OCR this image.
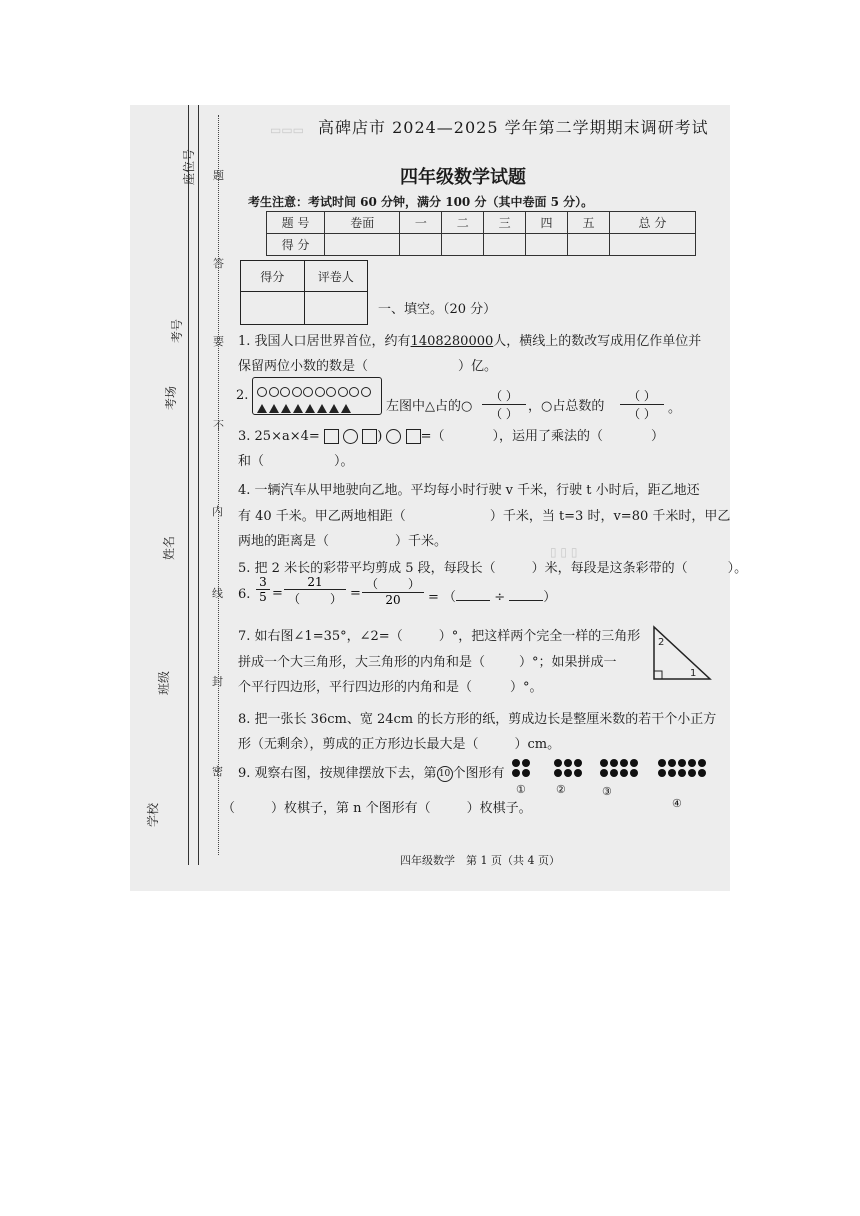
座位号
考号
考场
姓名
班级
学校
题
答
要
不
内
线
封
密
高碑店市 2024—2025 学年第二学期期末调研考试
四年级数学试题
考生注意：考试时间 60 分钟，满分 100 分（其中卷面 5 分）。
题 号	卷面	一	二	三	四	五	总 分
得 分							
得分	评卷人

一、填空。（20 分）
1. 我国人口居世界首位，约有1408280000人，横线上的数改写成用亿作单位并
保留两位小数的数是（	）亿。
2.
左图中△占的○
（ ）
（ ） ，○占总数的
（ ）
（ ） 。
3. 25×a×4=	)	=（	），运用了乘法的（	）
和（	）。
4. 一辆汽车从甲地驶向乙地。平均每小时行驶 v 千米，行驶 t 小时后，距乙地还
有 40 千米。甲乙两地相距（	）千米，当 t=3 时，v=80 千米时，甲乙
两地的距离是（	）千米。
5. 把 2 米长的彩带平均剪成 5 段，每段长（	）米，每段是这条彩带的（	）。
6. $\frac{3}{5}$ =
21
（	） =
（	）
20	= （	÷	）
7. 如右图∠1=35°，∠2=（	）°，把这样两个完全一样的三角形
拼成一个大三角形，大三角形的内角和是（	）°；如果拼成一
个平行四边形，平行四边形的内角和是（	）°。
2
1
8. 把一张长 36cm、宽 24cm 的长方形的纸，剪成边长是整厘米数的若干个小正方
形（无剩余），剪成的正方形边长最大是（	）cm。
9. 观察右图，按规律摆放下去，第 10 个图形有
（	）枚棋子，第 n 个图形有（	）枚棋子。
①	②	③
④
▭▭▭
▯ ▯ ▯
四年级数学　第 1 页（共 4 页）
